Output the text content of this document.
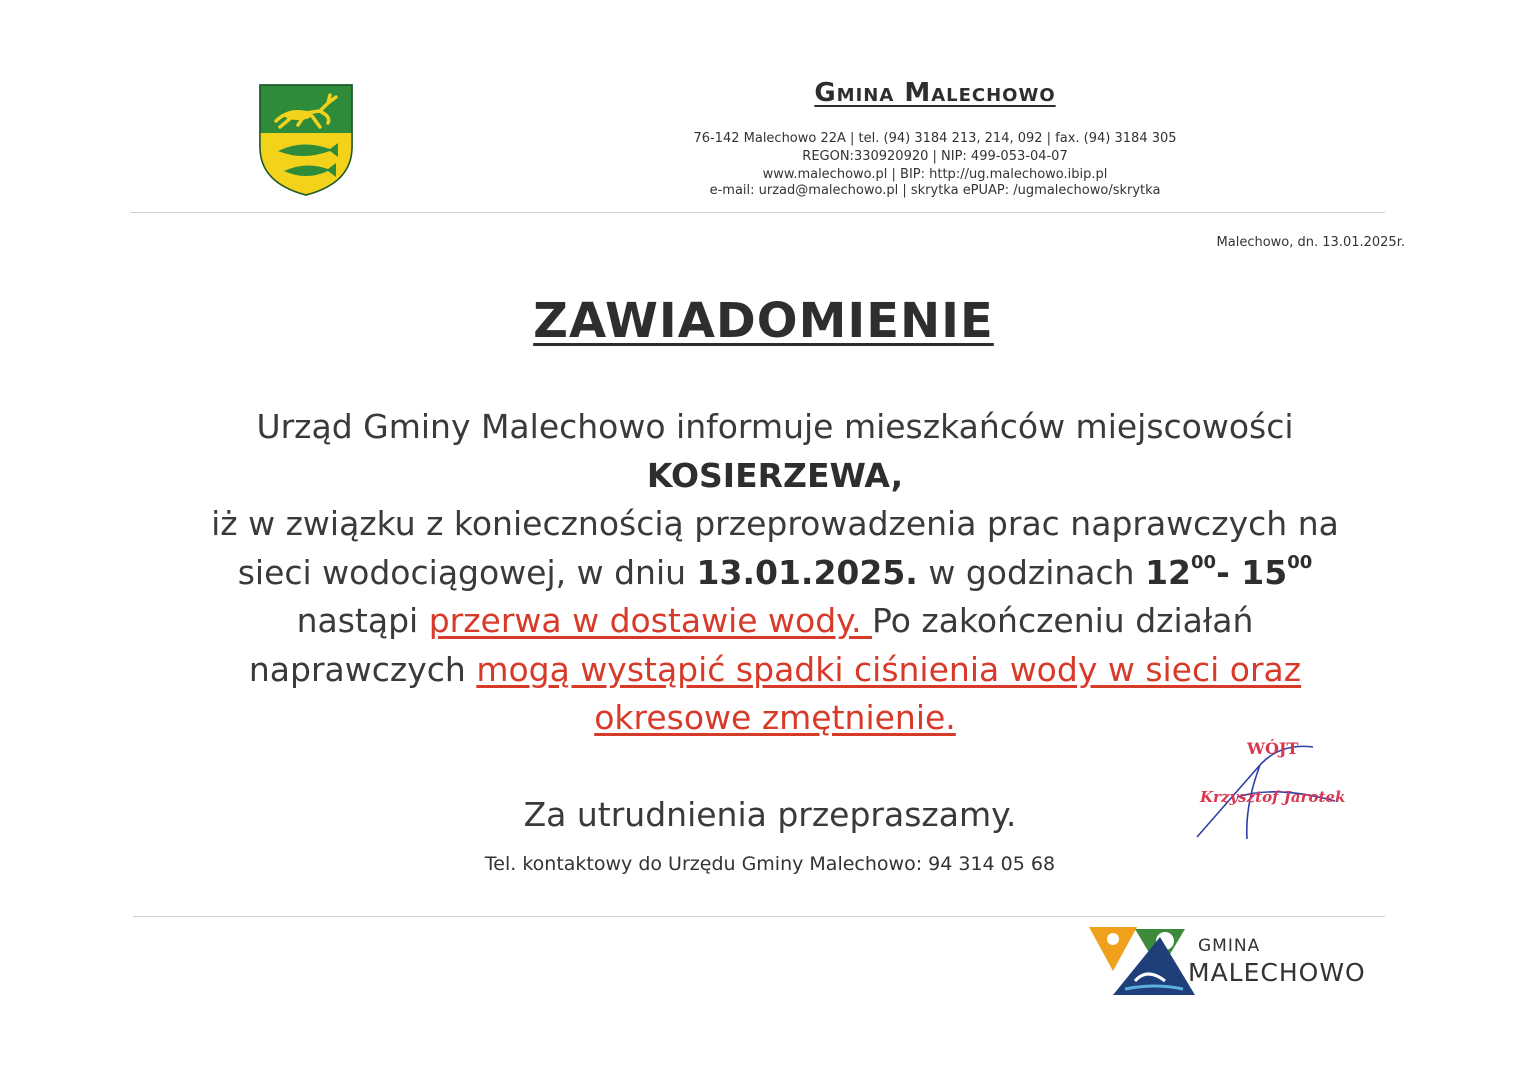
Gmina Malechowo
76-142 Malechowo 22A | tel. (94) 3184 213, 214, 092 | fax. (94) 3184 305
REGON:330920920 | NIP: 499-053-04-07
www.malechowo.pl | BIP: http://ug.malechowo.ibip.pl
e-mail: urzad@malechowo.pl | skrytka ePUAP: /ugmalechowo/skrytka
Malechowo, dn. 13.01.2025r.
ZAWIADOMIENIE
Urząd Gminy Malechowo informuje mieszkańców miejscowości
KOSIERZEWA,
iż w związku z koniecznością przeprowadzenia prac naprawczych na
sieci wodociągowej, w dniu 13.01.2025. w godzinach $12^{00}-$ $15^{00}$
nastąpi przerwa w dostawie wody. Po zakończeniu działań
naprawczych mogą wystąpić spadki ciśnienia wody w sieci oraz
okresowe zmętnienie.
WÓJT
Krzysztof Jarotek
Za utrudnienia przepraszamy.
Tel. kontaktowy do Urzędu Gminy Malechowo: 94 314 05 68
GMINA
MALECHOWO
